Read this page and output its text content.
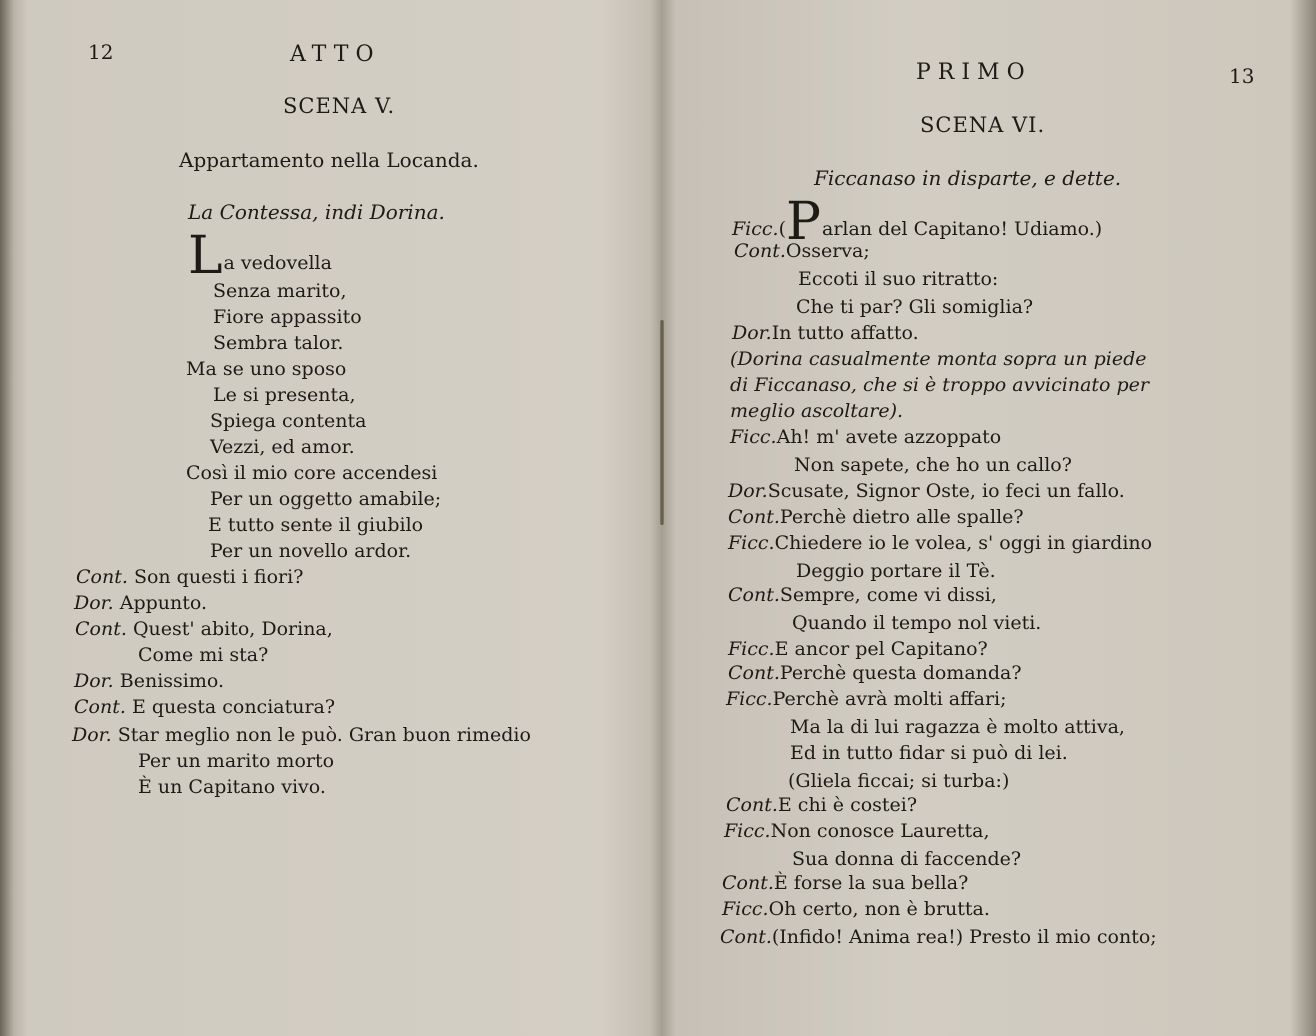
12	ATTO
SCENA V.
Appartamento nella Locanda.
La Contessa, indi Dorina.
La vedovella
Senza marito,
Fiore appassito
Sembra talor.
Ma se uno sposo
Le si presenta,
Spiega contenta
Vezzi, ed amor.
Così il mio core accendesi
Per un oggetto amabile;
E tutto sente il giubilo
Per un novello ardor.
Cont. Son questi i fiori?
Dor. Appunto.
Cont. Quest' abito, Dorina,
Come mi sta?
Dor. Benissimo.
Cont. E questa conciatura?
Dor. Star meglio non le può. Gran buon rimedio
Per un marito morto
È un Capitano vivo.
PRIMO	13
SCENA VI.
Ficcanaso in disparte, e dette.
Ficc.(Parlan del Capitano! Udiamo.)
Cont.Osserva;
Eccoti il suo ritratto:
Che ti par? Gli somiglia?
Dor.In tutto affatto.
(Dorina casualmente monta sopra un piede
di Ficcanaso, che si è troppo avvicinato per
meglio ascoltare).
Ficc.Ah! m' avete azzoppato
Non sapete, che ho un callo?
Dor.Scusate, Signor Oste, io feci un fallo.
Cont.Perchè dietro alle spalle?
Ficc.Chiedere io le volea, s' oggi in giardino
Deggio portare il Tè.
Cont.Sempre, come vi dissi,
Quando il tempo nol vieti.
Ficc.E ancor pel Capitano?
Cont.Perchè questa domanda?
Ficc.Perchè avrà molti affari;
Ma la di lui ragazza è molto attiva,
Ed in tutto fidar si può di lei.
(Gliela ficcai; si turba:)
Cont.E chi è costei?
Ficc.Non conosce Lauretta,
Sua donna di faccende?
Cont.È forse la sua bella?
Ficc.Oh certo, non è brutta.
Cont.(Infido! Anima rea!) Presto il mio conto;
